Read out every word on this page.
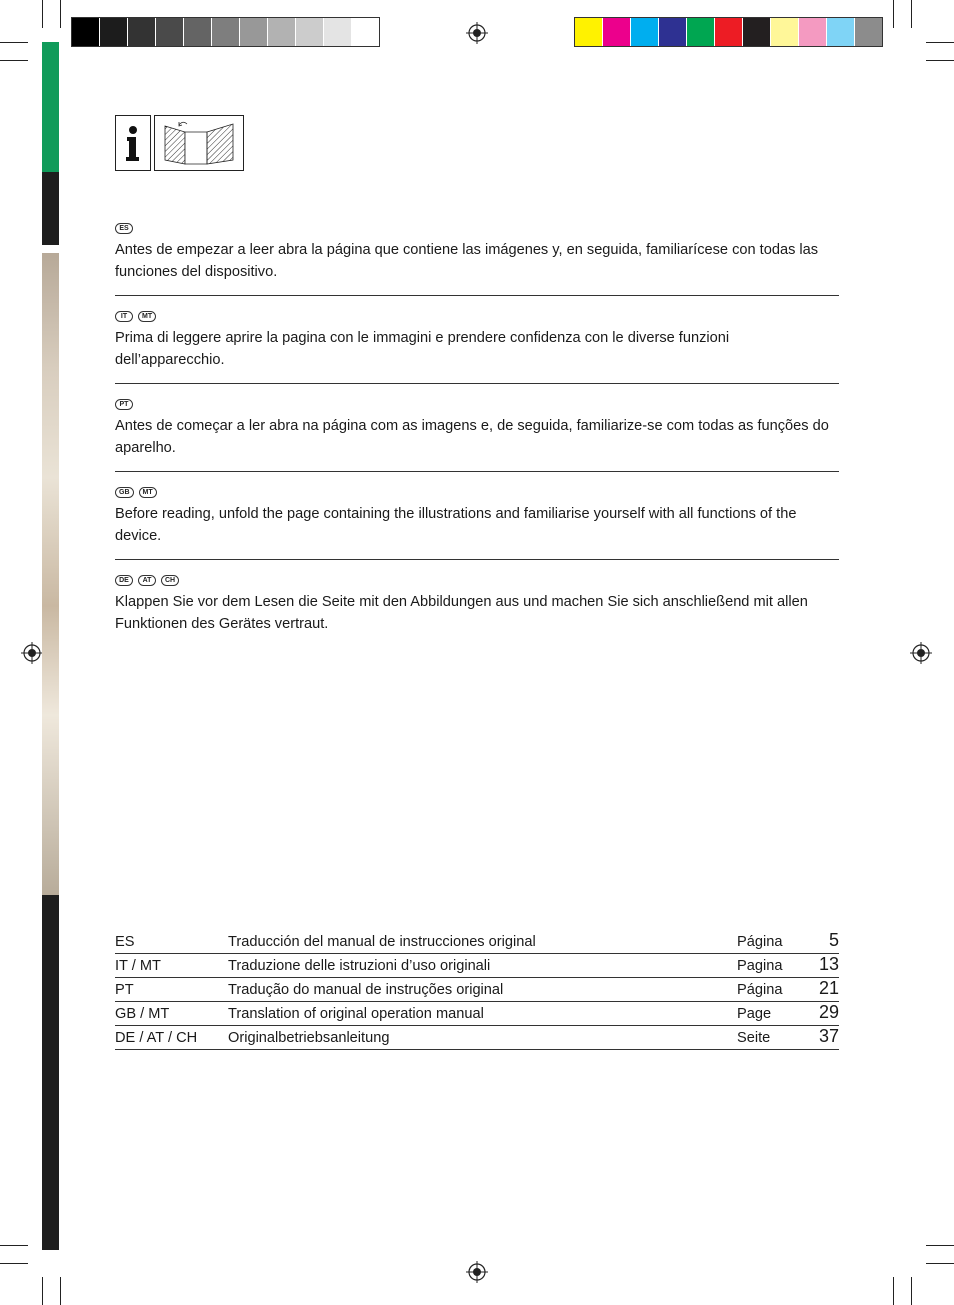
ES
Antes de empezar a leer abra la página que contiene las imágenes y, en seguida, familiarícese con todas las funciones del dispositivo.
IT	MT
Prima di leggere aprire la pagina con le immagini e prendere confidenza con le diverse funzioni dell’apparecchio.
PT
Antes de começar a ler abra na página com as imagens e, de seguida, familiarize-se com todas as funções do aparelho.
GB	MT
Before reading, unfold the page containing the illustrations and familiarise yourself with all functions of the device.
DE	AT	CH
Klappen Sie vor dem Lesen die Seite mit den Abbildungen aus und machen Sie sich anschließend mit allen Funktionen des Gerätes vertraut.
ES	Traducción del manual de instrucciones original	Página	5
IT / MT	Traduzione delle istruzioni d’uso originali	Pagina 13
PT	Tradução do manual de instruções original	Página 21
GB / MT	Translation of original operation manual	Page	29
DE / AT / CH Originalbetriebsanleitung	Seite	37
